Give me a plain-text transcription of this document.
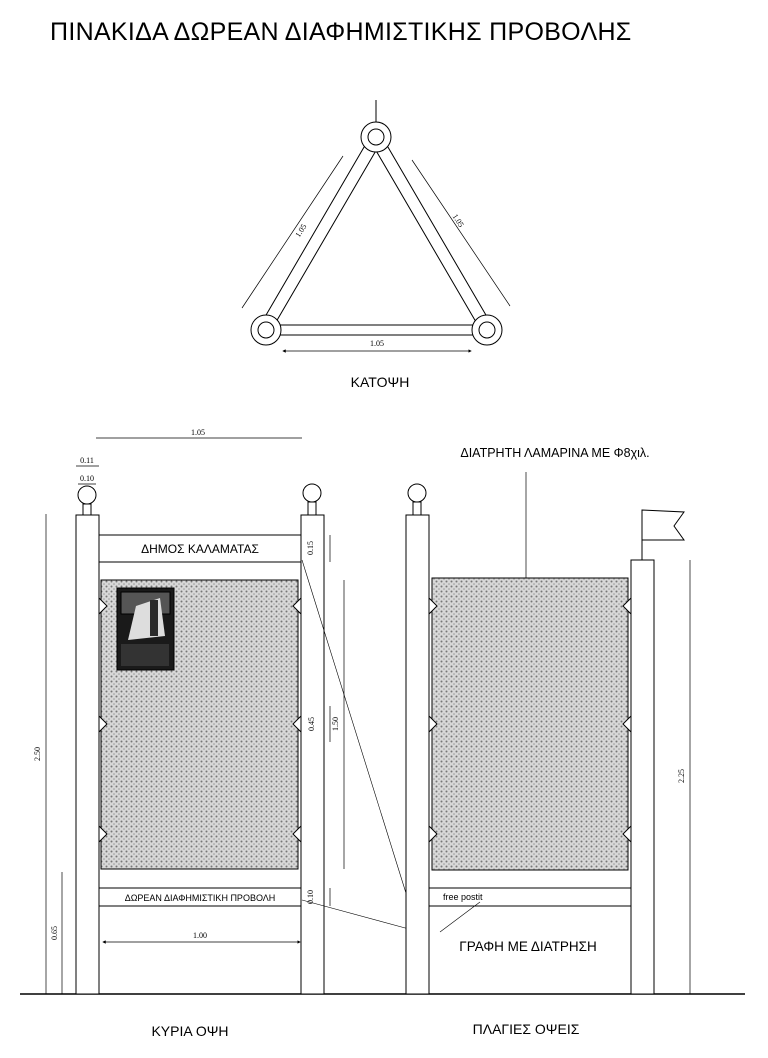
ΠΙΝΑΚΙΔΑ ΔΩΡΕΑΝ ΔΙΑΦΗΜΙΣΤΙΚΗΣ ΠΡΟΒΟΛΗΣ
1.05
1.05
1.05
ΚΑΤΟΨΗ
ΔΗΜΟΣ ΚΑΛΑΜΑΤΑΣ
ΔΩΡΕΑΝ ΔΙΑΦΗΜΙΣΤΙΚΗ ΠΡΟΒΟΛΗ
1.05
0.11
0.10
2.50
0.65
0.15
1.50
0.45
0.10
1.00
ΚΥΡΙΑ ΟΨΗ
ΔΙΑΤΡΗΤΗ ΛΑΜΑΡΙΝΑ ΜΕ Φ8χιλ.
free postit
ΓΡΑΦΗ ΜΕ ΔΙΑΤΡΗΣΗ
2.25
ΠΛΑΓΙΕΣ ΟΨΕΙΣ
